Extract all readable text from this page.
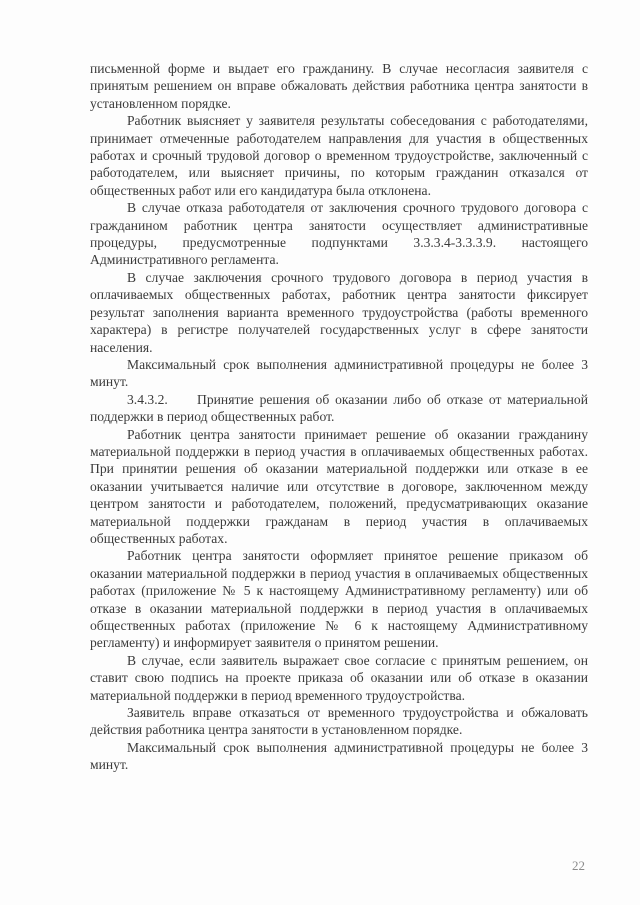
письменной форме и выдает его гражданину. В случае несогласия заявителя с принятым решением он вправе обжаловать действия работника центра занятости в установленном порядке.

Работник выясняет у заявителя результаты собеседования с работодателями, принимает отмеченные работодателем направления для участия в общественных работах и срочный трудовой договор о временном трудоустройстве, заключенный с работодателем, или выясняет причины, по которым гражданин отказался от общественных работ или его кандидатура была отклонена.

В случае отказа работодателя от заключения срочного трудового договора с гражданином работник центра занятости осуществляет административные процедуры, предусмотренные подпунктами 3.3.3.4-3.3.3.9. настоящего Административного регламента.

В случае заключения срочного трудового договора в период участия в оплачиваемых общественных работах, работник центра занятости фиксирует результат заполнения варианта временного трудоустройства (работы временного характера) в регистре получателей государственных услуг в сфере занятости населения.

Максимальный срок выполнения административной процедуры не более 3 минут.

3.4.3.2.     Принятие решения об оказании либо об отказе от материальной поддержки в период общественных работ.

Работник центра занятости принимает решение об оказании гражданину материальной поддержки в период участия в оплачиваемых общественных работах. При принятии решения об оказании материальной поддержки или отказе в ее оказании учитывается наличие или отсутствие в договоре, заключенном между центром занятости и работодателем, положений, предусматривающих оказание материальной поддержки гражданам в период участия в оплачиваемых общественных работах.

Работник центра занятости оформляет принятое решение приказом об оказании материальной поддержки в период участия в оплачиваемых общественных работах (приложение № 5 к настоящему Административному регламенту) или об отказе в оказании материальной поддержки в период участия в оплачиваемых общественных работах (приложение № 6 к настоящему Административному регламенту) и информирует заявителя о принятом решении.

В случае, если заявитель выражает свое согласие с принятым решением, он ставит свою подпись на проекте приказа об оказании или об отказе в оказании материальной поддержки в период временного трудоустройства.

Заявитель вправе отказаться от временного трудоустройства и обжаловать действия работника центра занятости в установленном порядке.

Максимальный срок выполнения административной процедуры не более 3 минут.

22
